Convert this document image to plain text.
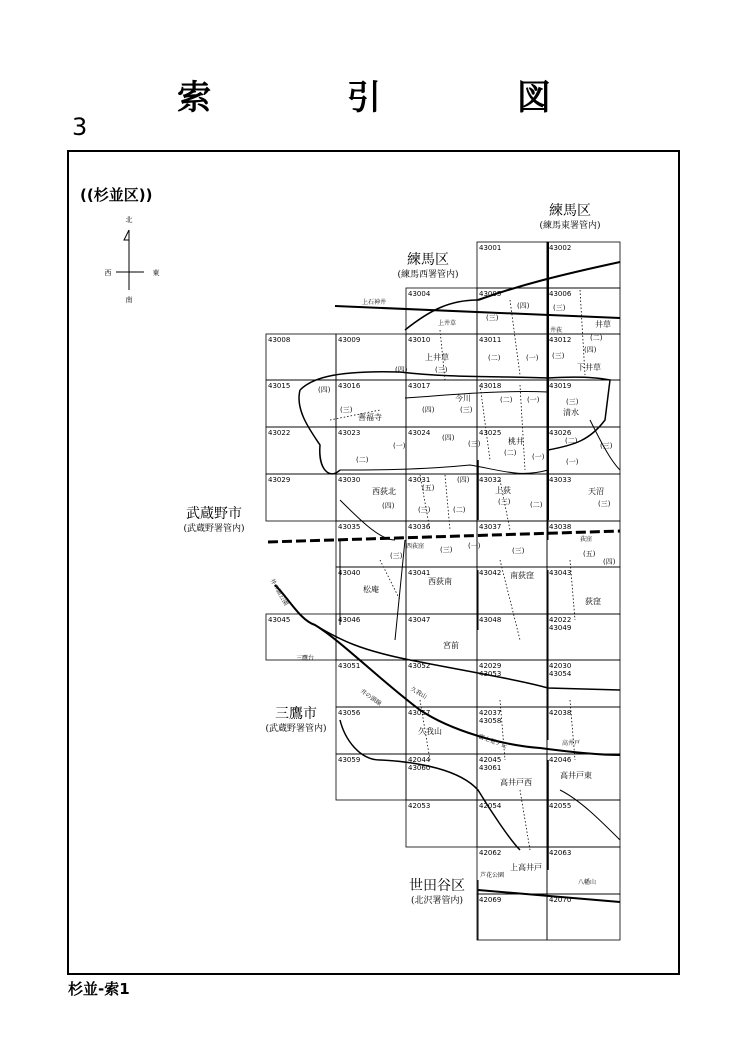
索 引 図
3
((杉並区))
杉並-索1
北
南
西	東
43001	43002
43004	43005	43006
43008	43009	43010	43011	43012
43015	43016	43017	43018	43019
43022	43023	43024	43025	43026
43029	43030	43031	43032	43033
43035	43036	43037	43038
43040	43041	43042	43043
43045	43046	43047	43048	42022
43049
43051	43052	42029
43053
42030
43054
43056	43057	42037
43058
42038
43059	42044
43060
42045
43061
42046
42053	42054	42055
42062	42063
42069	42070
練馬区
(練馬東署管内)
練馬区
(練馬西署管内)
武蔵野市
(武蔵野署管内)
三鷹市
(武蔵野署管内)
世田谷区
(北沢署管内)
井草
下井草
上井草
今川
清水
善福寺
桃井
上荻	天沼
西荻北
西荻南
南荻窪
荻窪
松庵
宮前
久我山
高井戸西
高井戸東
上高井戸
上石神井
上井草
井荻
西荻窪
荻窪
井の頭公園
三鷹台
久我山
富士見ケ丘	高井戸
芦花公園
八幡山
井の頭線
(四)
(三)
(三)
(二)
(四)	(三)
(二)	(一) (三)
(四)
(四)
(三)	(四)	(三)
(二) (一)	(三)
(一)
(二)
(四)
(三)
(二) (一)
(二)
(三)
(一)
(四)
(五)
(四)	(三)	(二)
(三)	(二)	(三)
(三)
(三) (一)
(三)	(五)
(四)
